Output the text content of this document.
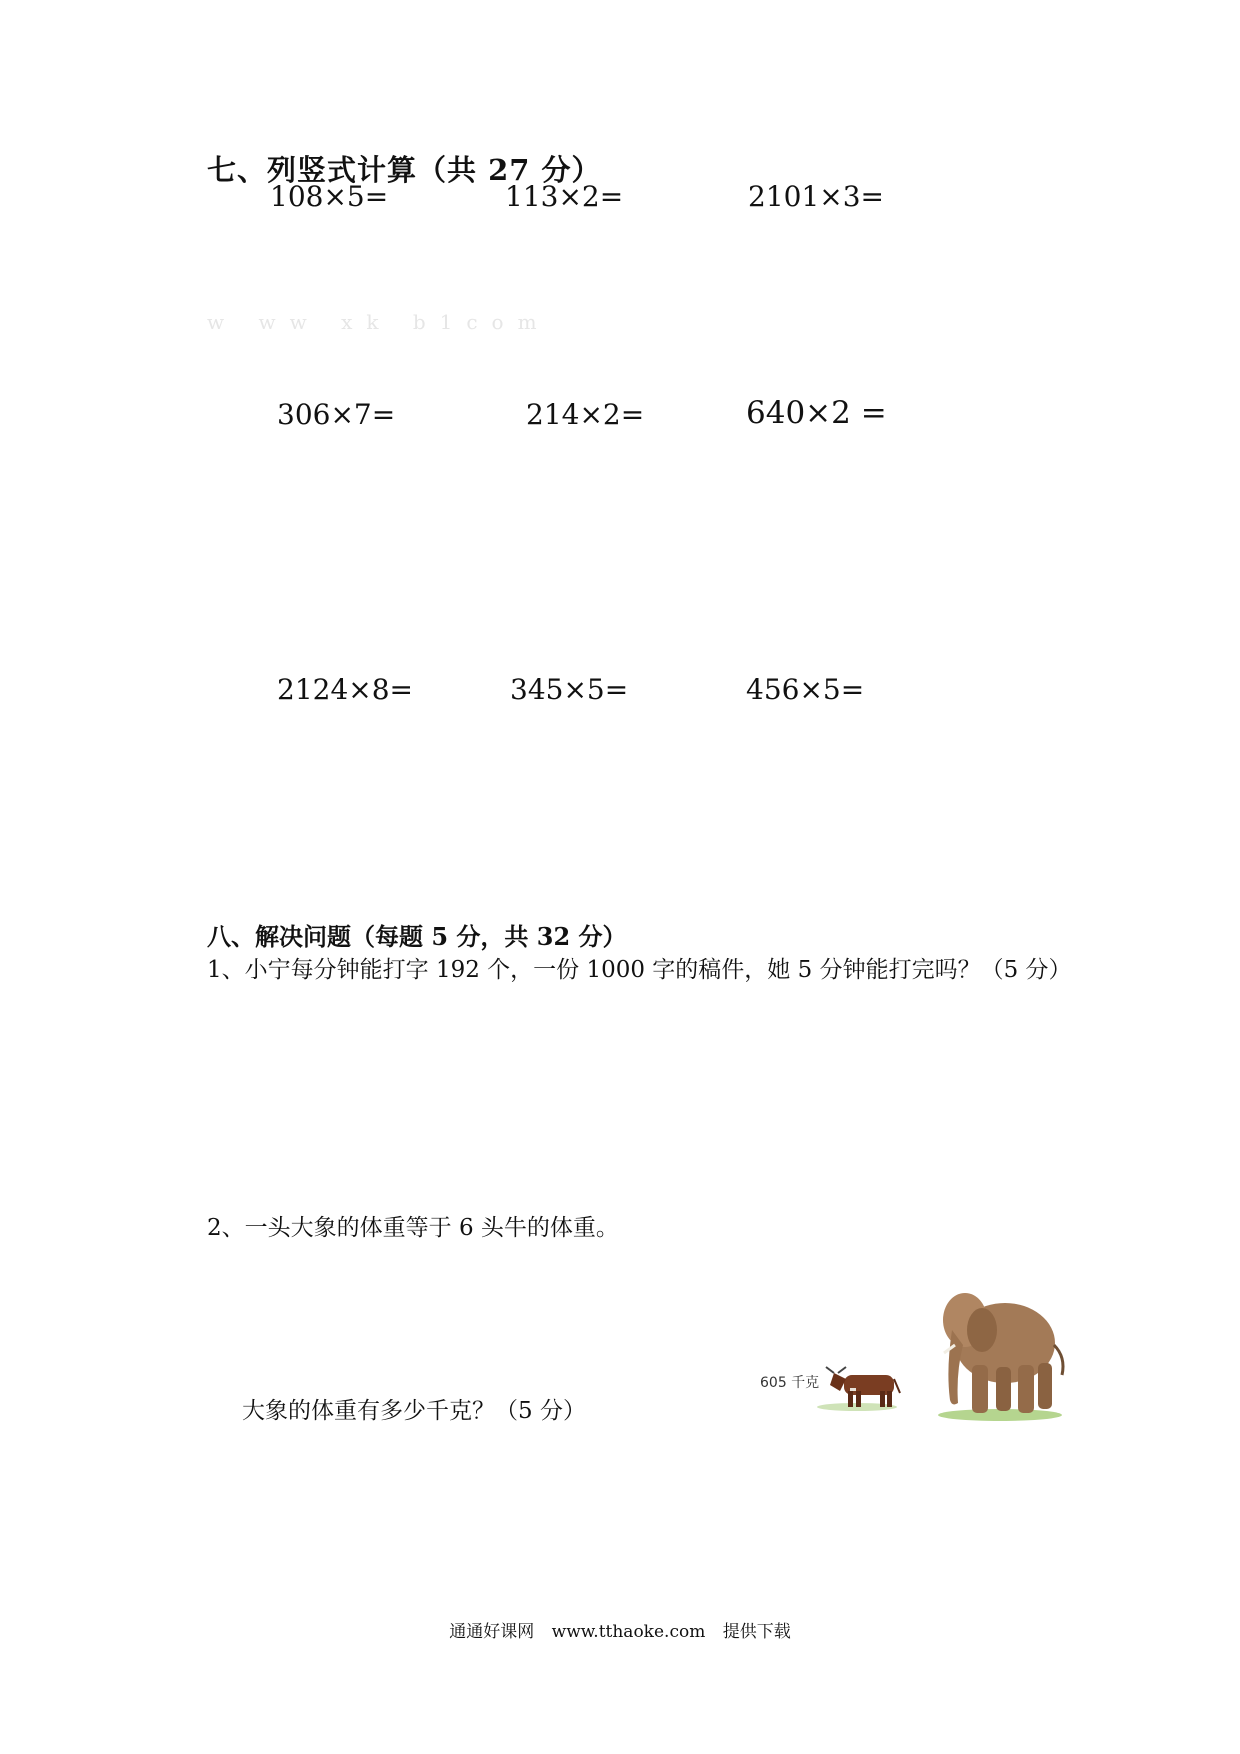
七、列竖式计算（共 27 分）
108×5=	113×2=	2101×3=
w ww xk b1com
306×7=	214×2=	640×2 =
2124×8=	345×5=	456×5=
八、解决问题（每题 5 分，共 32 分）
1、小宁每分钟能打字 192 个，一份 1000 字的稿件，她 5 分钟能打完吗？（5 分）
2、一头大象的体重等于 6 头牛的体重。
大象的体重有多少千克？（5 分）
605 千克
通通好课网 www.tthaoke.com 提供下载
